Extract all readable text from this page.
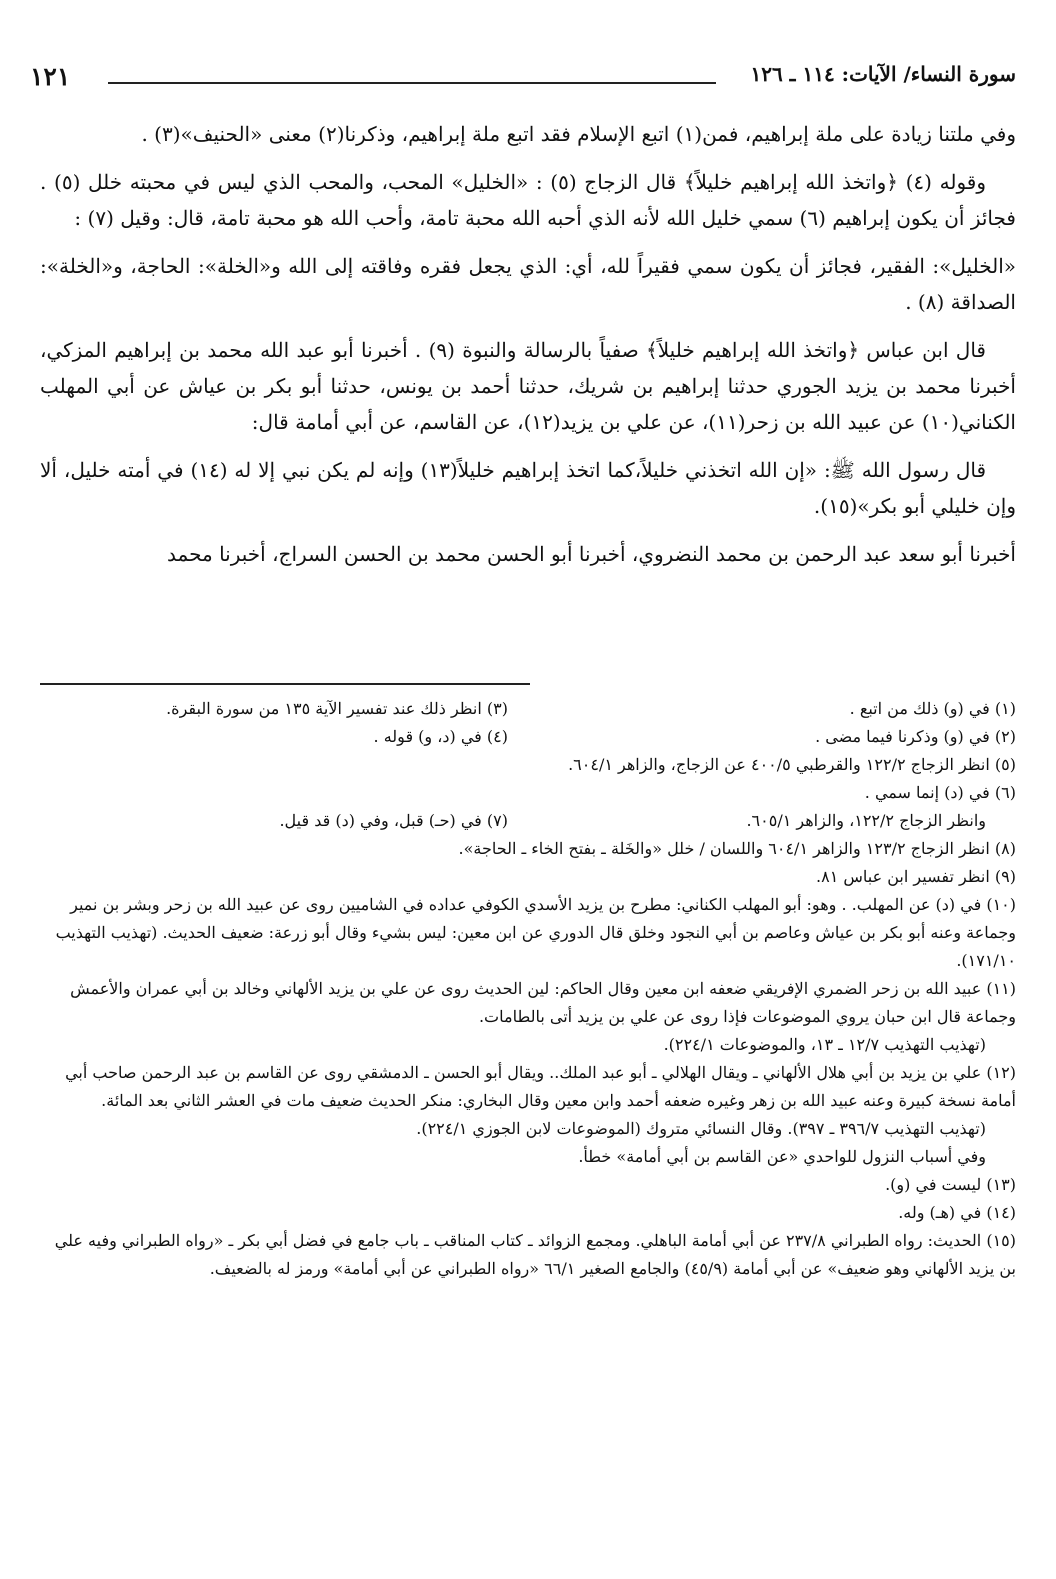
١٢١	سورة النساء/ الآيات: ١١٤ ـ ١٢٦

وفي ملتنا زيادة على ملة إبراهيم، فمن(١) اتبع الإسلام فقد اتبع ملة إبراهيم، وذكرنا(٢) معنى «الحنيف»(٣) .

وقوله (٤) ﴿واتخذ الله إبراهيم خليلاً﴾ قال الزجاج (٥) : «الخليل» المحب، والمحب الذي ليس في محبته خلل (٥) . فجائز أن يكون إبراهيم (٦) سمي خليل الله لأنه الذي أحبه الله محبة تامة، وأحب الله هو محبة تامة، قال: وقيل (٧) :

«الخليل»: الفقير، فجائز أن يكون سمي فقيراً لله، أي: الذي يجعل فقره وفاقته إلى الله و«الخلة»: الحاجة، و«الخلة»: الصداقة (٨) .

قال ابن عباس ﴿واتخذ الله إبراهيم خليلاً﴾ صفياً بالرسالة والنبوة (٩) . أخبرنا أبو عبد الله محمد بن إبراهيم المزكي، أخبرنا محمد بن يزيد الجوري حدثنا إبراهيم بن شريك، حدثنا أحمد بن يونس، حدثنا أبو بكر بن عياش عن أبي المهلب الكناني(١٠) عن عبيد الله بن زحر(١١)، عن علي بن يزيد(١٢)، عن القاسم، عن أبي أمامة قال:

قال رسول الله ﷺ: «إن الله اتخذني خليلاً،كما اتخذ إبراهيم خليلاً(١٣) وإنه لم يكن نبي إلا له (١٤) في أمته خليل، ألا وإن خليلي أبو بكر»(١٥).

أخبرنا أبو سعد عبد الرحمن بن محمد النضروي، أخبرنا أبو الحسن محمد بن الحسن السراج، أخبرنا محمد

(١) في (و) ذلك من اتبع .

(٣) انظر ذلك عند تفسير الآية ١٣٥ من سورة البقرة.

(٢) في (و) وذكرنا فيما مضى .

(٤) في (د، و) قوله .

(٥) انظر الزجاج ١٢٢/٢ والقرطبي ٤٠٠/٥ عن الزجاج، والزاهر ٦٠٤/١.

(٦) في (د) إنما سمي .

وانظر الزجاج ١٢٢/٢، والزاهر ٦٠٥/١.

(٧) في (حـ) قبل، وفي (د) قد قيل.

(٨) انظر الزجاج ١٢٣/٢ والزاهر ٦٠٤/١ واللسان / خلل «والخَلة ـ بفتح الخاء ـ الحاجة».

(٩) انظر تفسير ابن عباس ٨١.

(١٠) في (د) عن المهلب. . وهو: أبو المهلب الكناني: مطرح بن يزيد الأسدي الكوفي عداده في الشاميين روى عن عبيد الله بن زحر وبشر بن نمير وجماعة وعنه أبو بكر بن عياش وعاصم بن أبي النجود وخلق قال الدوري عن ابن معين: ليس بشيء وقال أبو زرعة: ضعيف الحديث. (تهذيب التهذيب ١٧١/١٠).

(١١) عبيد الله بن زحر الضمري الإفريقي ضعفه ابن معين وقال الحاكم: لين الحديث روى عن علي بن يزيد الألهاني وخالد بن أبي عمران والأعمش وجماعة قال ابن حبان يروي الموضوعات فإذا روى عن علي بن يزيد أتى بالطامات.

(تهذيب التهذيب ١٢/٧ ـ ١٣، والموضوعات ٢٢٤/١).

(١٢) علي بن يزيد بن أبي هلال الألهاني ـ ويقال الهلالي ـ أبو عبد الملك.. ويقال أبو الحسن ـ الدمشقي روى عن القاسم بن عبد الرحمن صاحب أبي أمامة نسخة كبيرة وعنه عبيد الله بن زهر وغيره ضعفه أحمد وابن معين وقال البخاري: منكر الحديث ضعيف مات في العشر الثاني بعد المائة.

(تهذيب التهذيب ٣٩٦/٧ ـ ٣٩٧). وقال النسائي متروك (الموضوعات لابن الجوزي ٢٢٤/١).

وفي أسباب النزول للواحدي «عن القاسم بن أبي أمامة» خطأ.

(١٣) ليست في (و).

(١٤) في (هـ) وله.

(١٥) الحديث: رواه الطبراني ٢٣٧/٨ عن أبي أمامة الباهلي. ومجمع الزوائد ـ كتاب المناقب ـ باب جامع في فضل أبي بكر ـ «رواه الطبراني وفيه علي بن يزيد الألهاني وهو ضعيف» عن أبي أمامة (٤٥/٩) والجامع الصغير ٦٦/١ «رواه الطبراني عن أبي أمامة» ورمز له بالضعيف.
